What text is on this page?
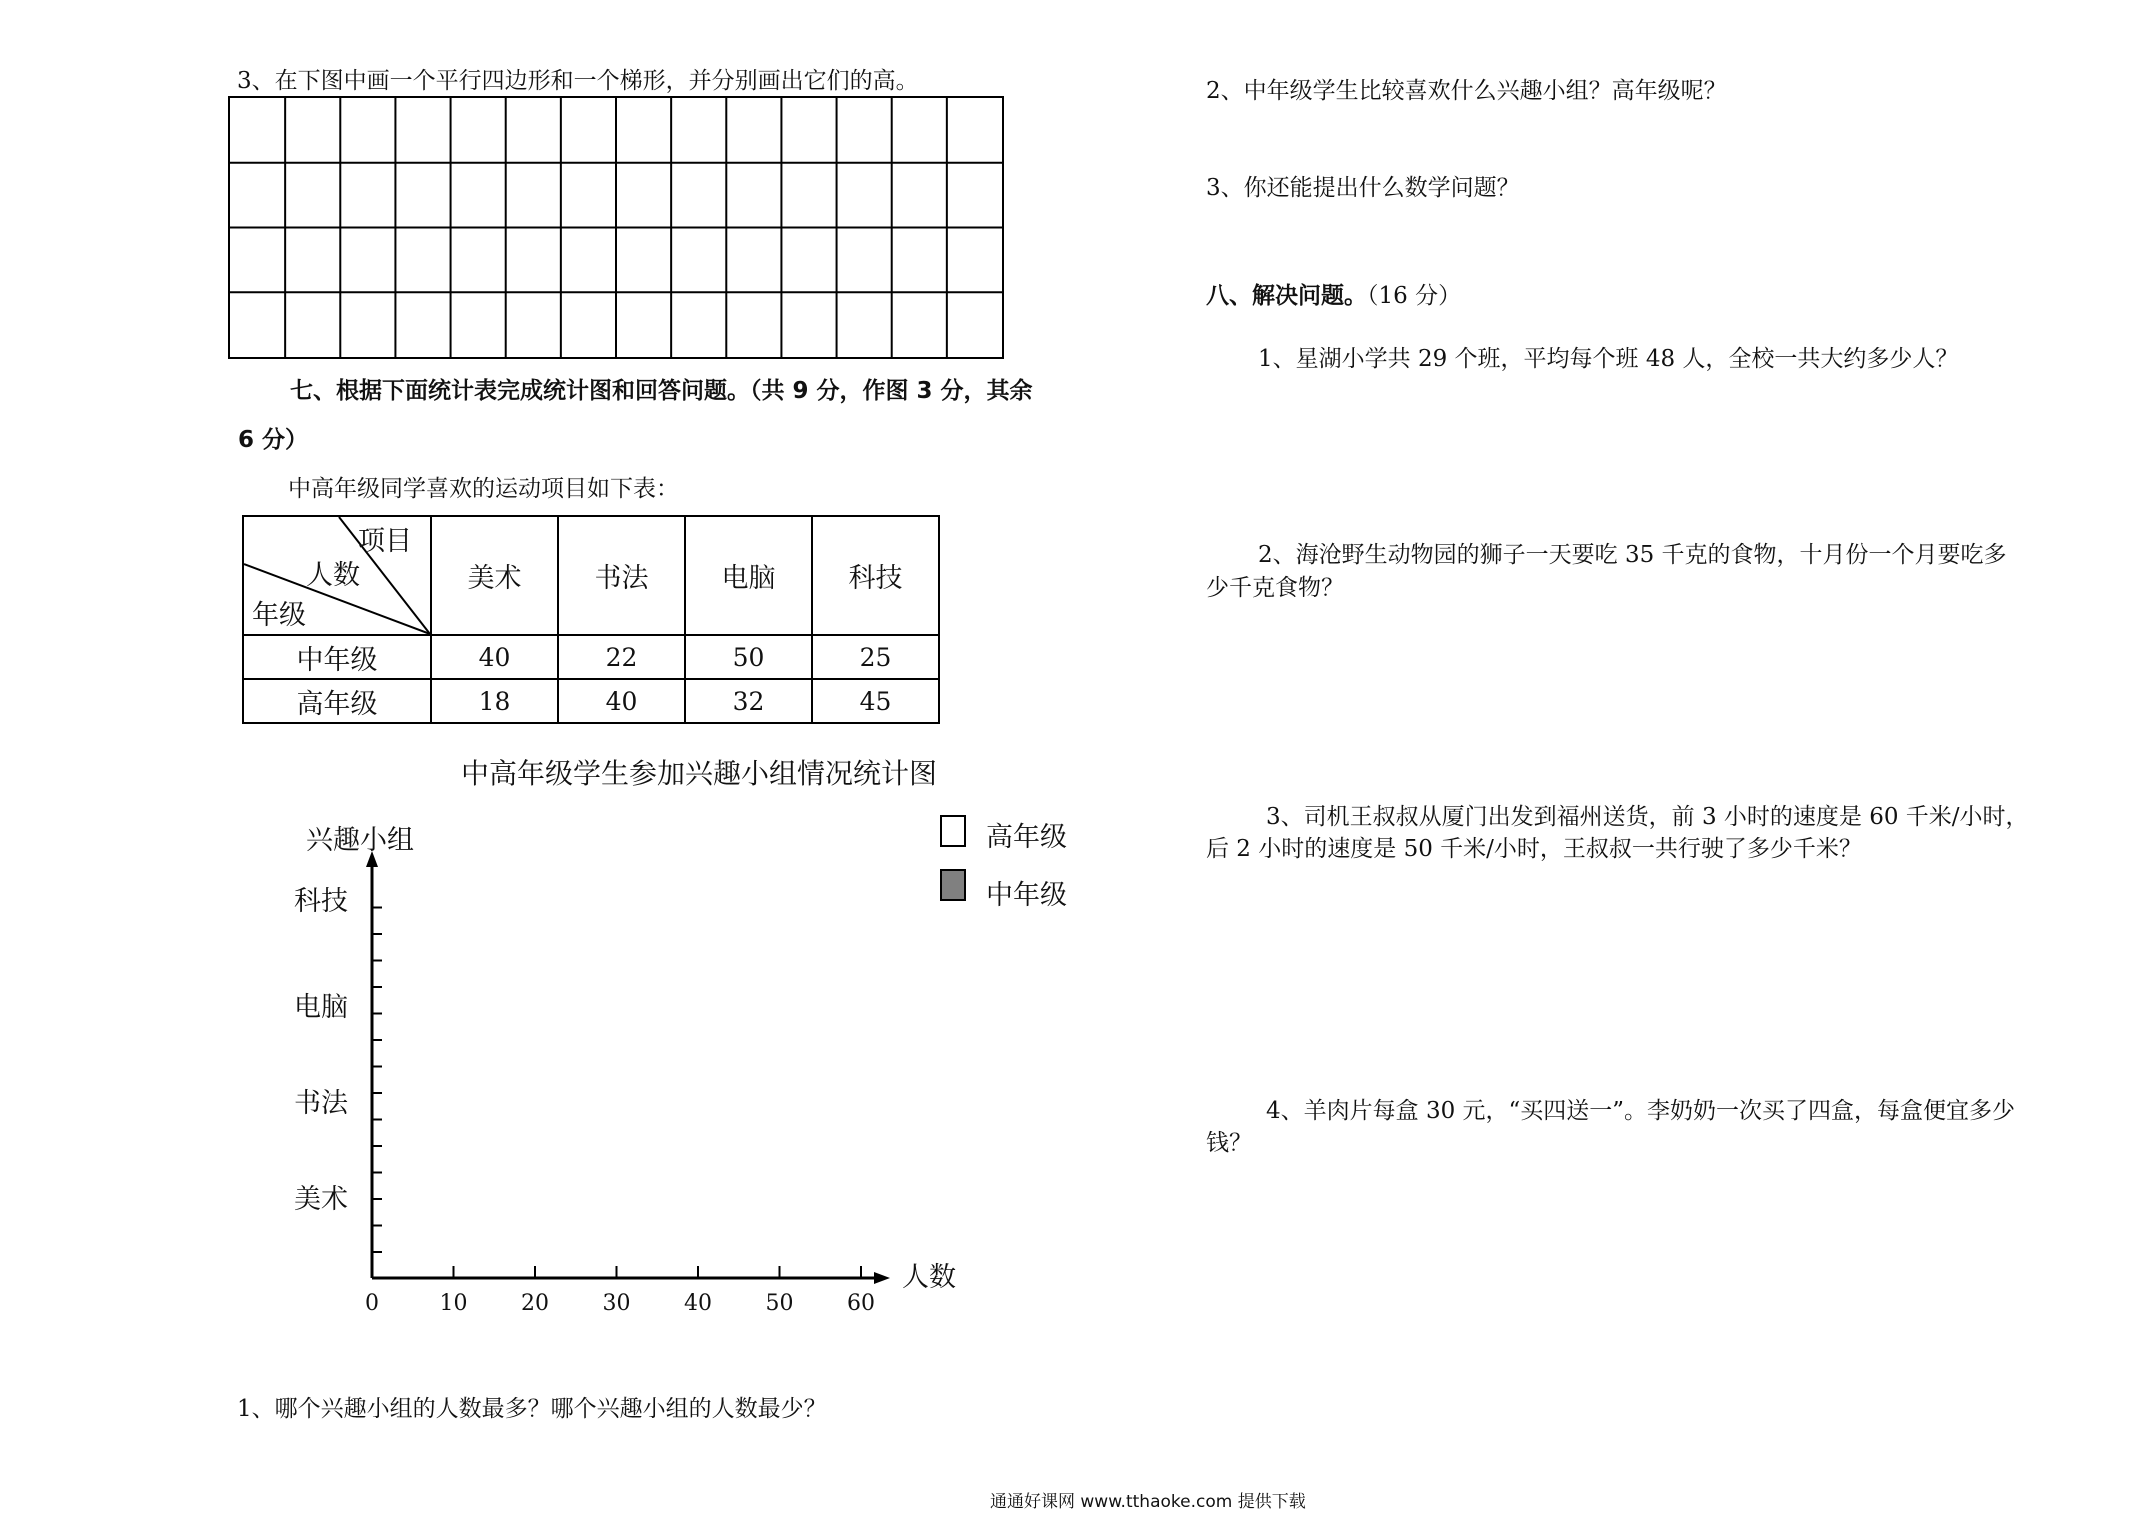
3、在下图中画一个平行四边形和一个梯形，并分别画出它们的高。
七、根据下面统计表完成统计图和回答问题。（共 9 分，作图 3 分，其余
6 分）
中高年级同学喜欢的运动项目如下表：
项目
人数
年级	美术	书法	电脑	科技
中年级	40	22	50	25
高年级	18	40	32	45
中高年级学生参加兴趣小组情况统计图
0	10 20 30 40 50 60
科技
电脑
书法
美术
兴趣小组
人数
高年级
中年级
1、哪个兴趣小组的人数最多？哪个兴趣小组的人数最少？
2、中年级学生比较喜欢什么兴趣小组？高年级呢？
3、你还能提出什么数学问题？
八、解决问题。（16 分）
1、星湖小学共 29 个班，平均每个班 48 人，全校一共大约多少人？
2、海沧野生动物园的狮子一天要吃 35 千克的食物，十月份一个月要吃多
少千克食物？
3、司机王叔叔从厦门出发到福州送货，前 3 小时的速度是 60 千米/小时，
后 2 小时的速度是 50 千米/小时，王叔叔一共行驶了多少千米？
4、羊肉片每盒 30 元，“买四送一”。李奶奶一次买了四盒，每盒便宜多少
钱？
通通好课网 www.tthaoke.com 提供下载
